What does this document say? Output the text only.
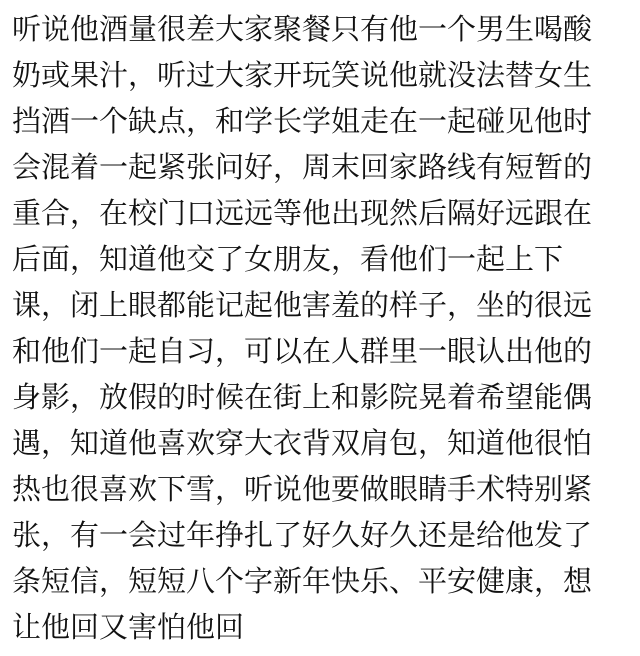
听说他酒量很差大家聚餐只有他一个男生喝酸
奶或果汁，听过大家开玩笑说他就没法替女生
挡酒一个缺点，和学长学姐走在一起碰见他时
会混着一起紧张问好，周末回家路线有短暂的
重合，在校门口远远等他出现然后隔好远跟在
后面，知道他交了女朋友，看他们一起上下
课，闭上眼都能记起他害羞的样子，坐的很远
和他们一起自习，可以在人群里一眼认出他的
身影，放假的时候在街上和影院晃着希望能偶
遇，知道他喜欢穿大衣背双肩包，知道他很怕
热也很喜欢下雪，听说他要做眼睛手术特别紧
张，有一会过年挣扎了好久好久还是给他发了
条短信，短短八个字新年快乐、平安健康，想
让他回又害怕他回
